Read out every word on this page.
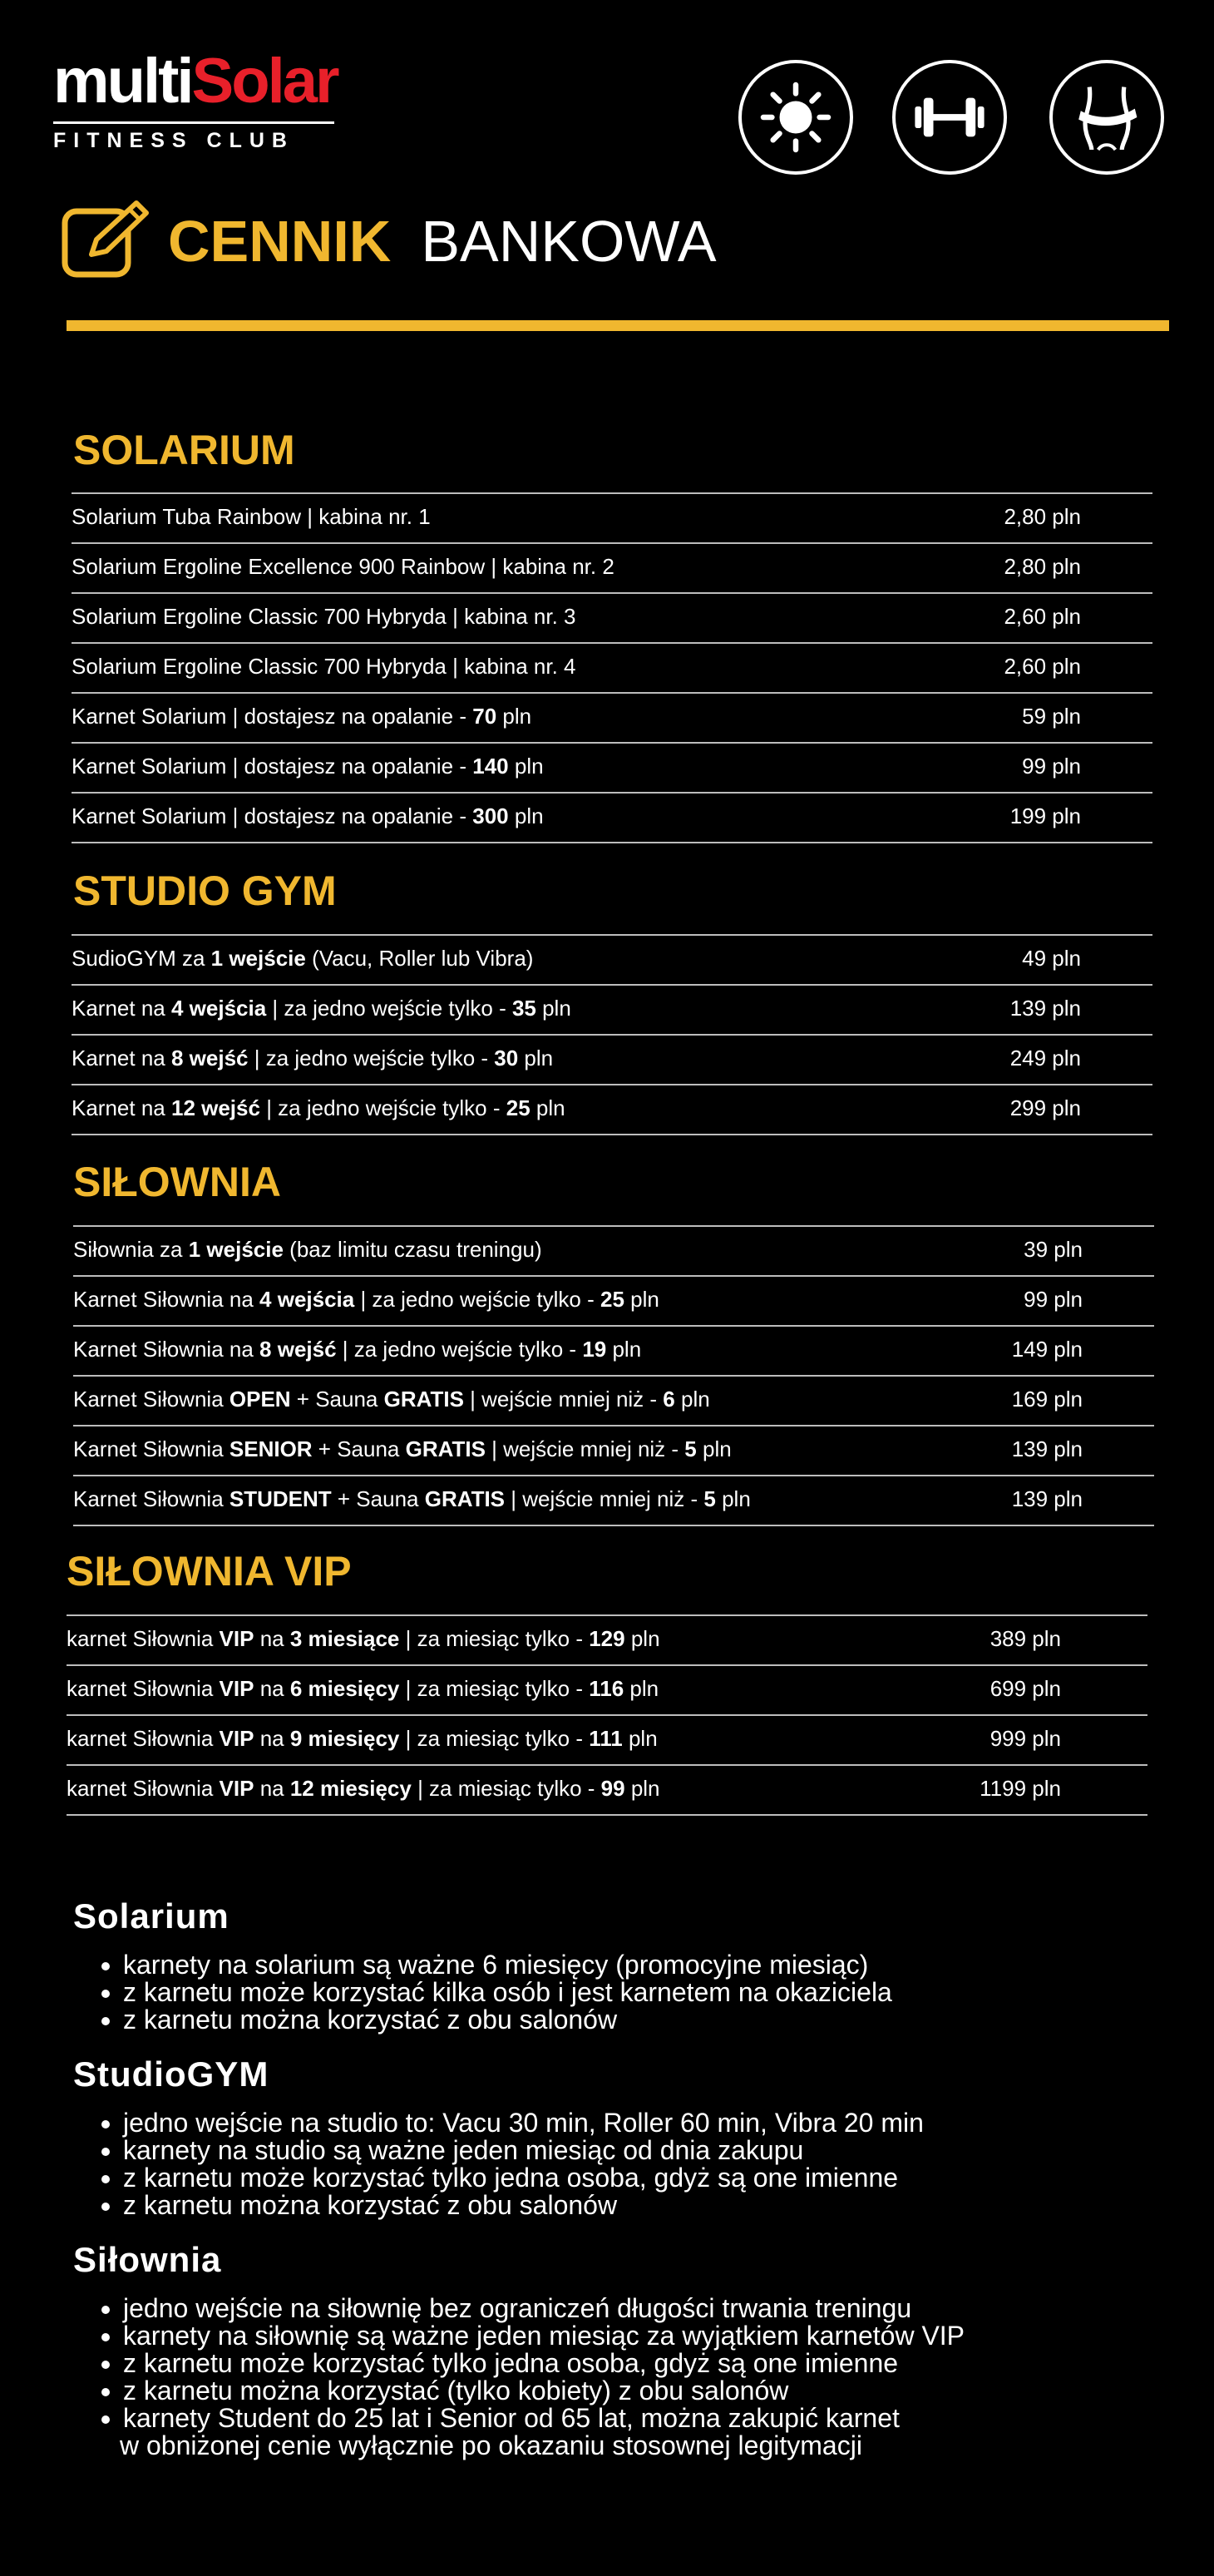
multiSolar
FITNESS CLUB
CENNIK BANKOWA
SOLARIUM
STUDIO GYM
SIŁOWNIA
SIŁOWNIA VIP
Solarium Tuba Rainbow | kabina nr. 1	2,80 pln
Solarium Ergoline Excellence 900 Rainbow | kabina nr. 2	2,80 pln
Solarium Ergoline Classic 700 Hybryda | kabina nr. 3	2,60 pln
Solarium Ergoline Classic 700 Hybryda | kabina nr. 4	2,60 pln
Karnet Solarium | dostajesz na opalanie - 70 pln	59 pln
Karnet Solarium | dostajesz na opalanie - 140 pln	99 pln
Karnet Solarium | dostajesz na opalanie - 300 pln	199 pln
SudioGYM za 1 wejście (Vacu, Roller lub Vibra)	49 pln
Karnet na 4 wejścia | za jedno wejście tylko - 35 pln	139 pln
Karnet na 8 wejść | za jedno wejście tylko - 30 pln	249 pln
Karnet na 12 wejść | za jedno wejście tylko - 25 pln	299 pln
Siłownia za 1 wejście (baz limitu czasu treningu)	39 pln
Karnet Siłownia na 4 wejścia | za jedno wejście tylko - 25 pln	99 pln
Karnet Siłownia na 8 wejść | za jedno wejście tylko - 19 pln	149 pln
Karnet Siłownia OPEN + Sauna GRATIS | wejście mniej niż - 6 pln	169 pln
Karnet Siłownia SENIOR + Sauna GRATIS | wejście mniej niż - 5 pln	139 pln
Karnet Siłownia STUDENT + Sauna GRATIS | wejście mniej niż - 5 pln	139 pln
karnet Siłownia VIP na 3 miesiące | za miesiąc tylko - 129 pln	389 pln
karnet Siłownia VIP na 6 miesięcy | za miesiąc tylko - 116 pln	699 pln
karnet Siłownia VIP na 9 miesięcy | za miesiąc tylko - 111 pln	999 pln
karnet Siłownia VIP na 12 miesięcy | za miesiąc tylko - 99 pln	1199 pln
Solarium
• karnety na solarium są ważne 6 miesięcy (promocyjne miesiąc)
• z karnetu może korzystać kilka osób i jest karnetem na okaziciela
• z karnetu można korzystać z obu salonów
StudioGYM
• jedno wejście na studio to: Vacu 30 min, Roller 60 min, Vibra 20 min
• karnety na studio są ważne jeden miesiąc od dnia zakupu
• z karnetu może korzystać tylko jedna osoba, gdyż są one imienne
• z karnetu można korzystać z obu salonów
Siłownia
• jedno wejście na siłownię bez ograniczeń długości trwania treningu
• karnety na siłownię są ważne jeden miesiąc za wyjątkiem karnetów VIP
• z karnetu może korzystać tylko jedna osoba, gdyż są one imienne
• z karnetu można korzystać (tylko kobiety) z obu salonów
• karnety Student do 25 lat i Senior od 65 lat, można zakupić karnet
w obniżonej cenie wyłącznie po okazaniu stosownej legitymacji
